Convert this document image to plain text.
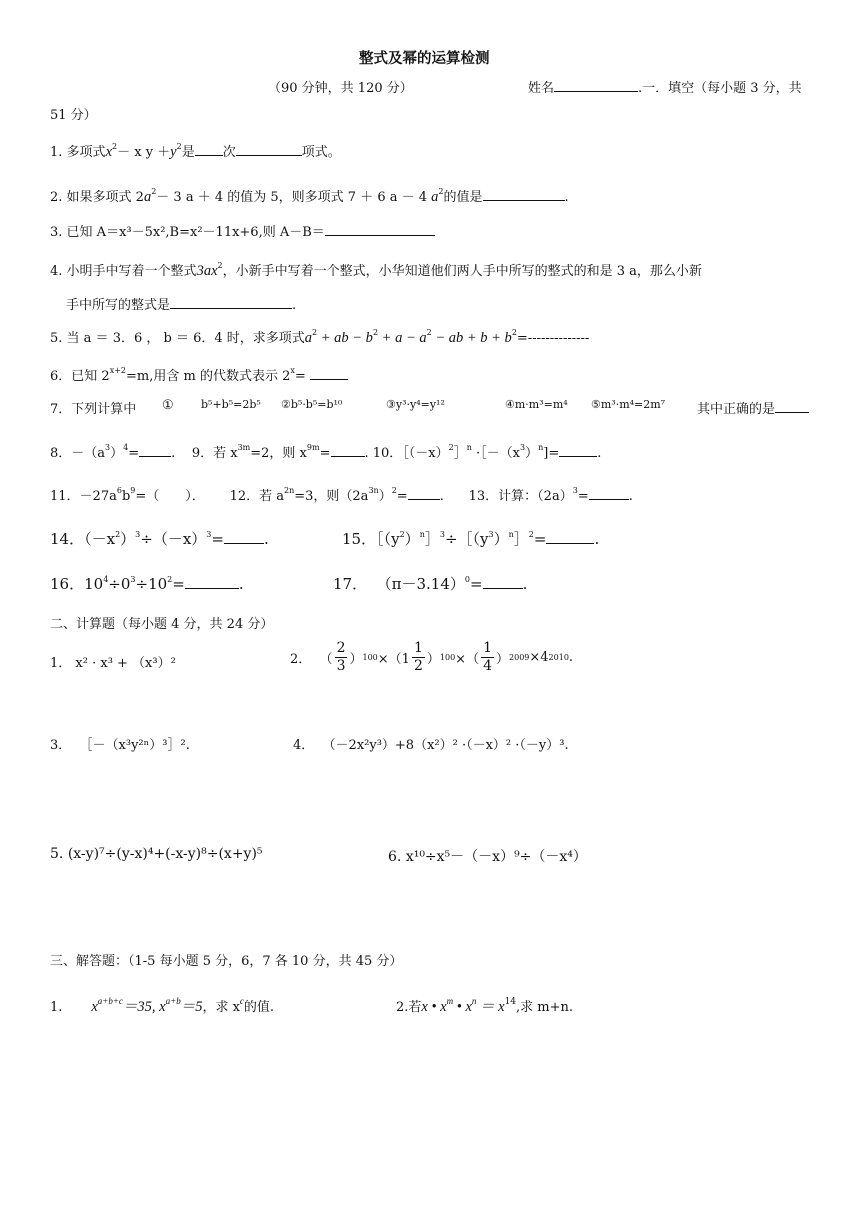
整式及幂的运算检测
（90 分钟，共 120 分）	姓名	.一．填空（每小题 3 分，共
51 分）
1. 多项式$x^2- x$ $y +y^2$是 次	项式。
2. 如果多项式 $2a^2- 3$ a ＋ 4 的值为 5，则多项式 7 ＋ 6 a － 4 $a^2$的值是	.
3. 已知 A＝x³－5x²,B=x²－11x+6,则 A－B＝
4. 小明手中写着一个整式$3ax^2$，小新手中写着一个整式，小华知道他们两人手中所写的整式的和是 3 a，那么小新
手中所写的整式是	.
5. 当 a ＝ 3．6 ， b ＝ 6．4 时，求多项式$a^2$ + ab − $b^2 + a - a^2$ − ab + $b + b^2=--------------$
6．已知 $2^{x+2}=m$,用含 m 的代数式表示 $2^x=$
7．下列计算中 ① b⁵+b⁵=2b⁵ ②b⁵·b⁵=b¹⁰	③y³·y⁴=y¹²	④m·m³=m⁴ ⑤m³·m⁴=2m⁷ 其中正确的是
8．$-(a^3)^4=$ .    9．若 $x^{3m}=2$，则 $x^{9m}=$	. 10．$[(-x)^2]^n$ $\cdot[-(x^3)^n]=$	.
11．$-27a^6b^9=$（　　）． 12．若 $a^{2n}=3$，则$(2a^{3n})^2=$ .      13．计算：$(2a)^3=$	.
14．$(-x^2)^3\div(-x)^3=$	.	15．$[(y^2)^n]^3\div[(y^3)^n]^2=$	.
16．$10^4\div 0^3\div 10^2=$	.	17． $(\pi-3.14)^0=$	.
二、计算题（每小题 4 分，共 24 分）
1． x² · x³ + （x³）²	2．
（ $\frac{2}{3}$ ） $100 \times(1 \frac{1}{2}$ ） 100 ×（ $\frac{1}{4}$ ） 2009 ×4 2010 .
3． ［－（x³y²ⁿ）³］².	4． （－2x²y³）+8（x²）² ·（－x）² ·（－y）³.
5. (x-y)⁷÷(y-x)⁴+(-x-y)⁸÷(x+y)⁵	6. x¹⁰÷x⁵－（－x）⁹÷（－x⁴）
三、解答题：（1-5 每小题 5 分，6，7 各 10 分，共 45 分）
1. $x^{a+b+c}=35$, $x^{a+b}=5$，求 $x^c$的值.	2.若x • $x^m$ • $x^n = x^{14}$,求 m+n.
